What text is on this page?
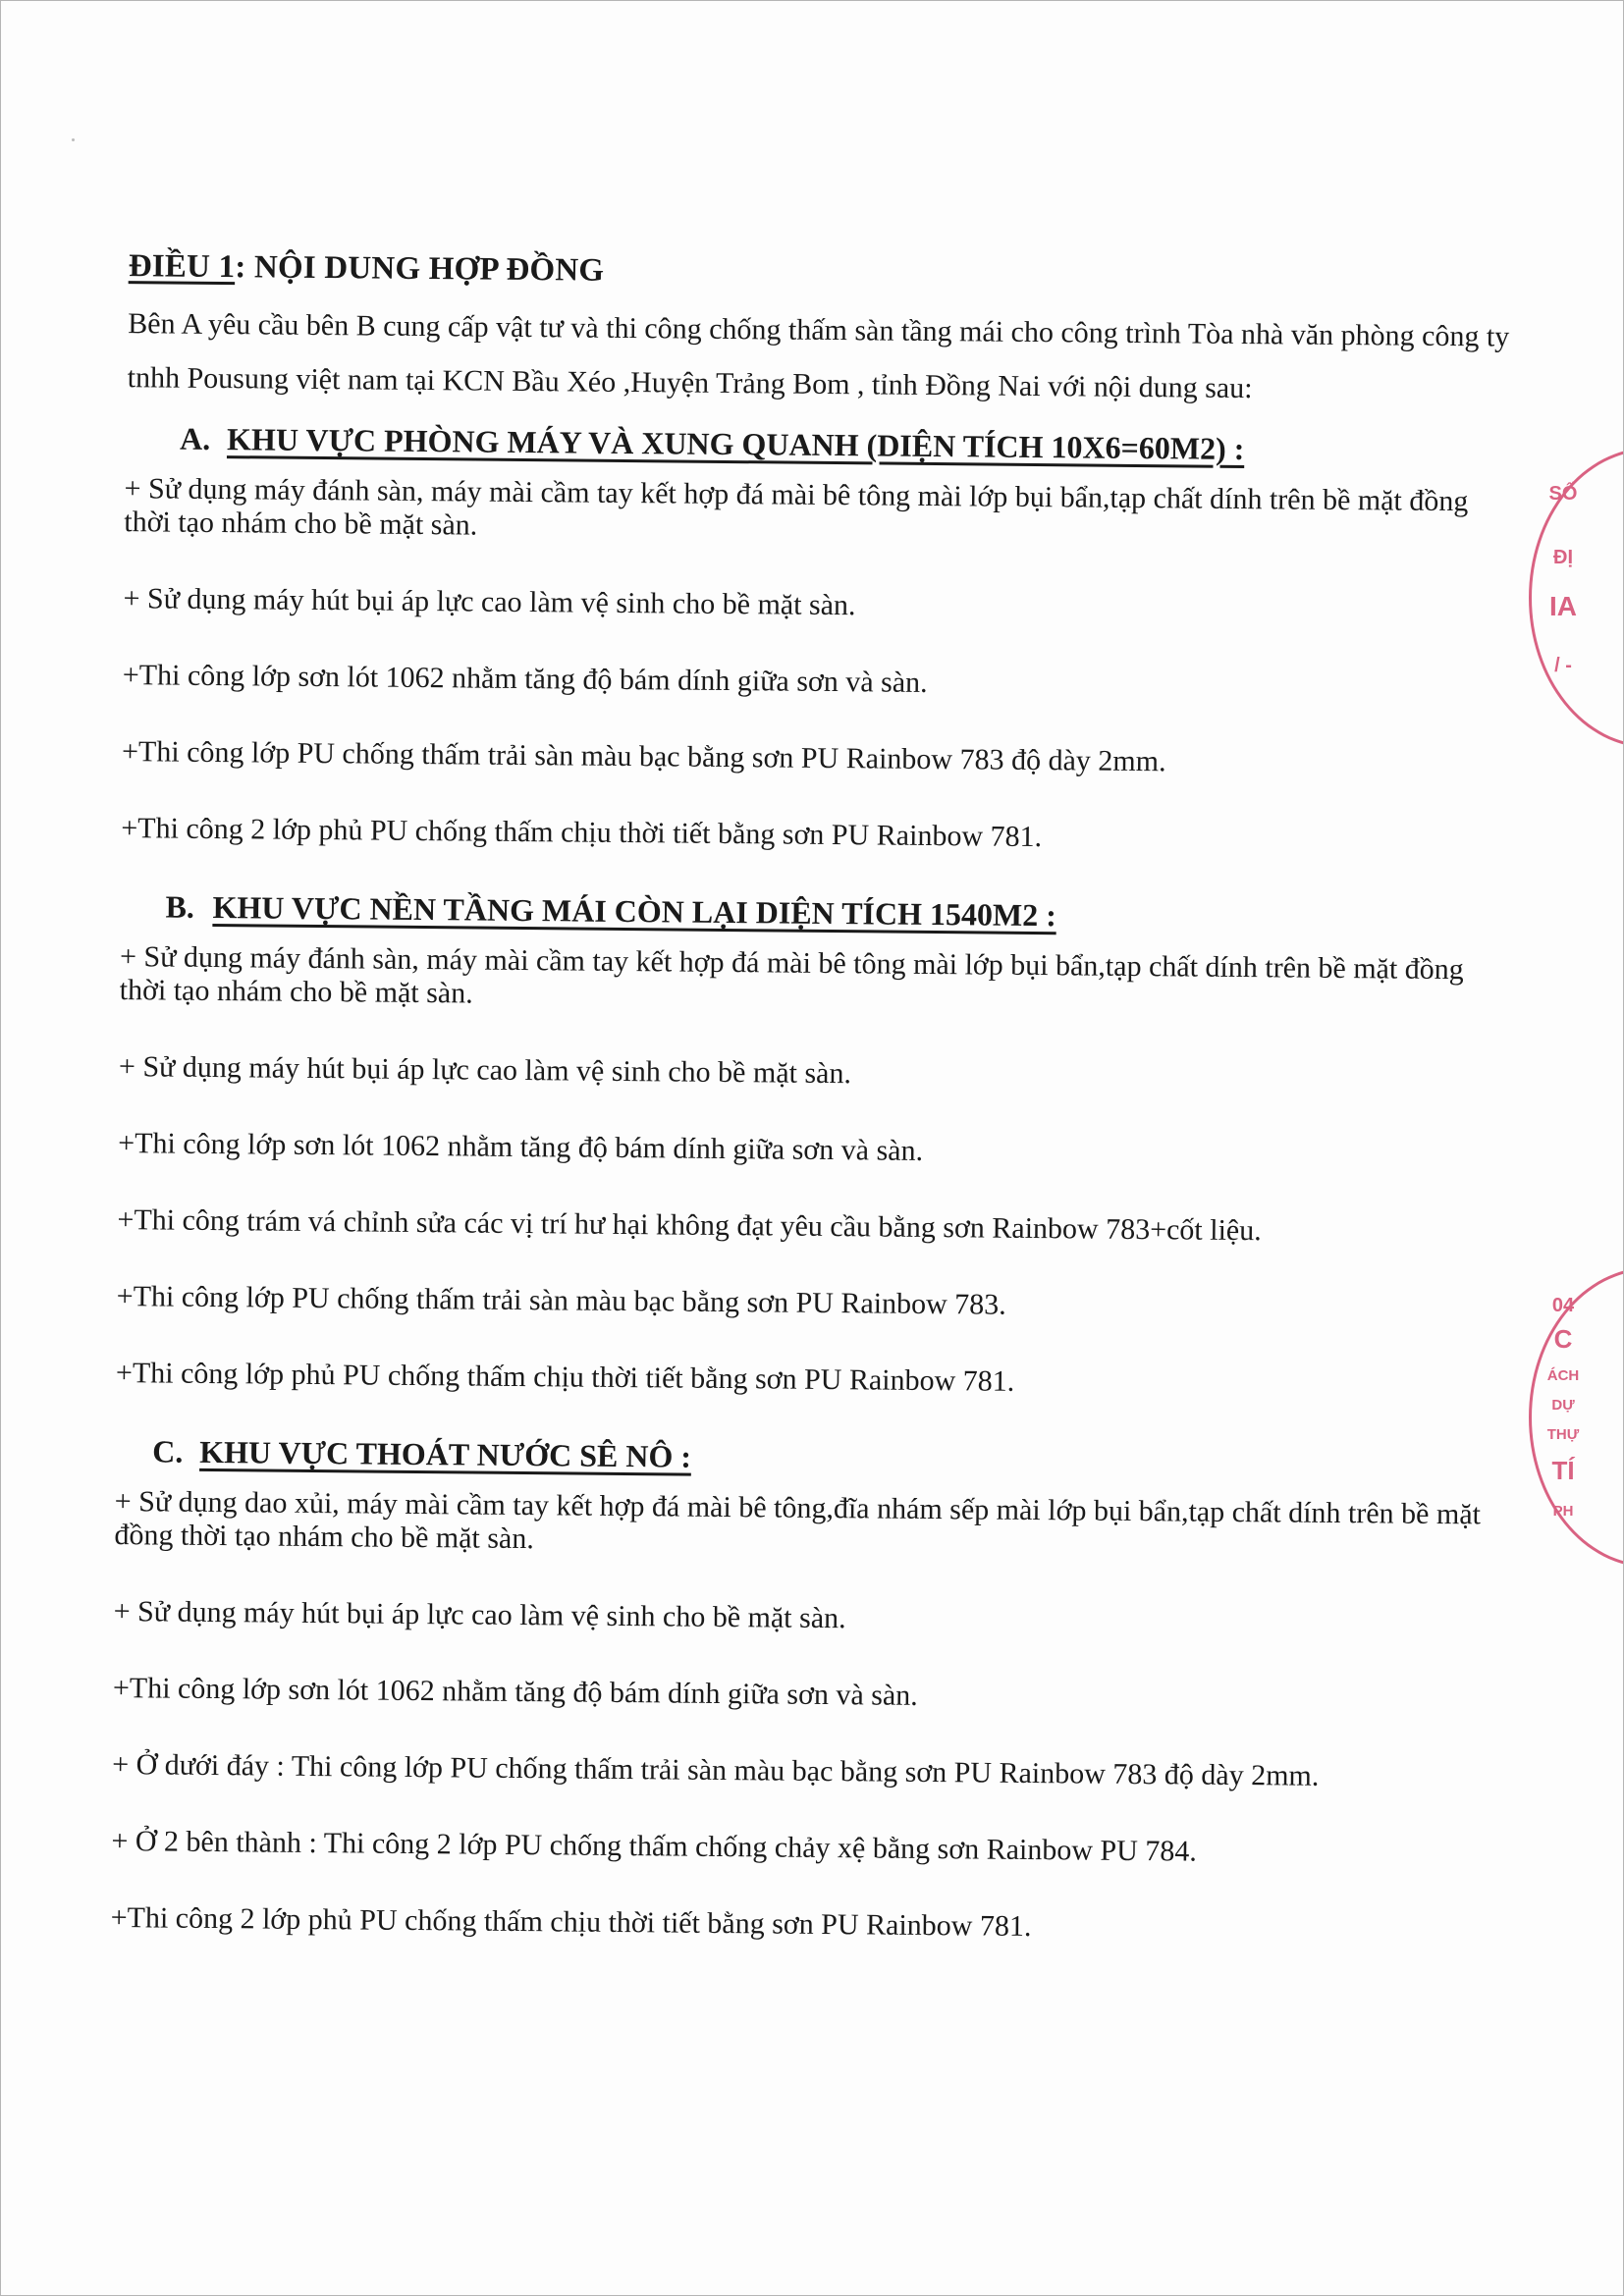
ĐIỀU 1: NỘI DUNG HỢP ĐỒNG

Bên A yêu cầu bên B cung cấp vật tư và thi công chống thấm sàn tầng mái cho công trình Tòa nhà văn phòng công ty tnhh Pousung việt nam tại KCN Bầu Xéo ,Huyện Trảng Bom , tỉnh Đồng Nai với nội dung sau:

A. KHU VỰC PHÒNG MÁY VÀ XUNG QUANH (DIỆN TÍCH 10X6=60M2) :

+ Sử dụng máy đánh sàn, máy mài cầm tay kết hợp đá mài bê tông mài lớp bụi bẩn,tạp chất dính trên bề mặt đồng thời tạo nhám cho bề mặt sàn.

+ Sử dụng máy hút bụi áp lực cao làm vệ sinh cho bề mặt sàn.

+Thi công lớp sơn lót 1062 nhằm tăng độ bám dính giữa sơn và sàn.

+Thi công lớp PU chống thấm trải sàn màu bạc bằng sơn PU Rainbow 783 độ dày 2mm.

+Thi công 2 lớp phủ PU chống thấm chịu thời tiết bằng sơn PU Rainbow 781.

B. KHU VỰC NỀN TẦNG MÁI CÒN LẠI DIỆN TÍCH 1540M2 :

+ Sử dụng máy đánh sàn, máy mài cầm tay kết hợp đá mài bê tông mài lớp bụi bẩn,tạp chất dính trên bề mặt đồng thời tạo nhám cho bề mặt sàn.

+ Sử dụng máy hút bụi áp lực cao làm vệ sinh cho bề mặt sàn.

+Thi công lớp sơn lót 1062 nhằm tăng độ bám dính giữa sơn và sàn.

+Thi công trám vá chỉnh sửa các vị trí hư hại không đạt yêu cầu bằng sơn Rainbow 783+cốt liệu.

+Thi công lớp PU chống thấm trải sàn màu bạc bằng sơn PU Rainbow 783.

+Thi công lớp phủ PU chống thấm chịu thời tiết bằng sơn PU Rainbow 781.

C. KHU VỰC THOÁT NƯỚC SÊ NÔ :

+ Sử dụng dao xủi, máy mài cầm tay kết hợp đá mài bê tông,đĩa nhám sếp mài lớp bụi bẩn,tạp chất dính trên bề mặt đồng thời tạo nhám cho bề mặt sàn.

+ Sử dụng máy hút bụi áp lực cao làm vệ sinh cho bề mặt sàn.

+Thi công lớp sơn lót 1062 nhằm tăng độ bám dính giữa sơn và sàn.

+ Ở dưới đáy : Thi công lớp PU chống thấm trải sàn màu bạc bằng sơn PU Rainbow 783 độ dày 2mm.

+ Ở 2 bên thành : Thi công 2 lớp PU chống thấm chống chảy xệ bằng sơn Rainbow PU 784.

+Thi công 2 lớp phủ PU chống thấm chịu thời tiết bằng sơn PU Rainbow 781.

SỐ
ĐỊ
IA
/ -
04
C
ÁCH
DỰ
THỰ
TÍ
PH
